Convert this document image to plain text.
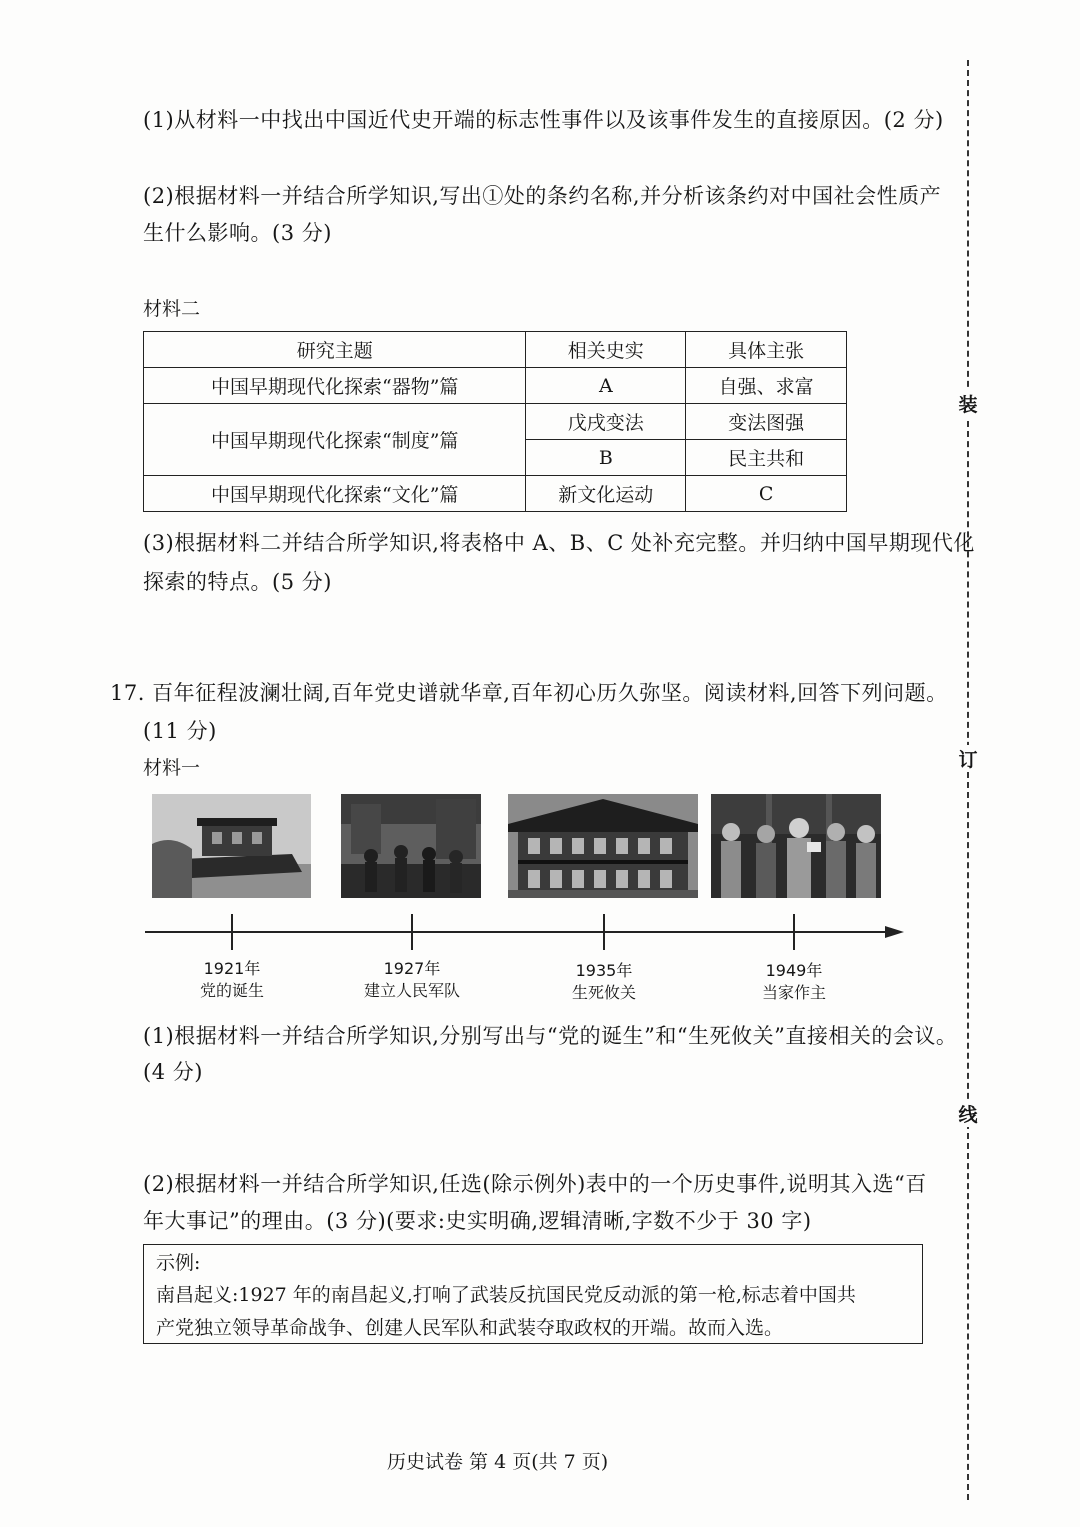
装
订
线
(1)从材料一中找出中国近代史开端的标志性事件以及该事件发生的直接原因。(2 分)
(2)根据材料一并结合所学知识,写出①处的条约名称,并分析该条约对中国社会性质产
生什么影响。(3 分)
材料二
研究主题	相关史实	具体主张
中国早期现代化探索“器物”篇	A	自强、求富
中国早期现代化探索“制度”篇	戊戌变法	变法图强
	B	民主共和
中国早期现代化探索“文化”篇	新文化运动	C
(3)根据材料二并结合所学知识,将表格中 A、B、C 处补充完整。并归纳中国早期现代化
探索的特点。(5 分)
17. 百年征程波澜壮阔,百年党史谱就华章,百年初心历久弥坚。阅读材料,回答下列问题。
(11 分)
材料一
1921年
党的诞生
1927年
建立人民军队
1935年
生死攸关
1949年
当家作主
(1)根据材料一并结合所学知识,分别写出与“党的诞生”和“生死攸关”直接相关的会议。
(4 分)
(2)根据材料一并结合所学知识,任选(除示例外)表中的一个历史事件,说明其入选“百
年大事记”的理由。(3 分)(要求:史实明确,逻辑清晰,字数不少于 30 字)
示例:
南昌起义:1927 年的南昌起义,打响了武装反抗国民党反动派的第一枪,标志着中国共
产党独立领导革命战争、创建人民军队和武装夺取政权的开端。故而入选。
历史试卷 第 4 页(共 7 页)
